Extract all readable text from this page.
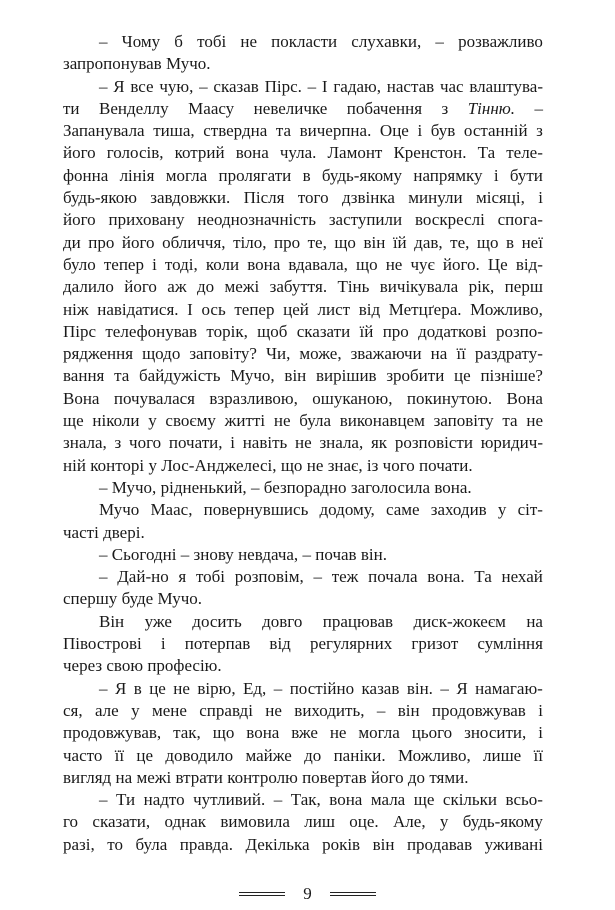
– Чому б тобі не покласти слухавки, – розважливо
запропонував Мучо.
– Я все чую, – сказав Пірс. – І гадаю, настав час влаштува-
ти Венделлу Маасу невеличке побачення з Тінню. –
Запанувала тиша, ствердна та вичерпна. Оце і був останній з
його голосів, котрий вона чула. Ламонт Кренстон. Та теле-
фонна лінія могла пролягати в будь-якому напрямку і бути
будь-якою завдовжки. Після того дзвінка минули місяці, і
його приховану неоднозначність заступили воскреслі спога-
ди про його обличчя, тіло, про те, що він їй дав, те, що в неї
було тепер і тоді, коли вона вдавала, що не чує його. Це від-
далило його аж до межі забуття. Тінь вичікувала рік, перш
ніж навідатися. І ось тепер цей лист від Метцґера. Можливо,
Пірс телефонував торік, щоб сказати їй про додаткові розпо-
рядження щодо заповіту? Чи, може, зважаючи на її раздрату-
вання та байдужість Мучо, він вирішив зробити це пізніше?
Вона почувалася взразливою, ошуканою, покинутою. Вона
ще ніколи у своєму житті не була виконавцем заповіту та не
знала, з чого почати, і навіть не знала, як розповісти юридич-
ній конторі у Лос-Анджелесі, що не знає, із чого почати.
– Мучо, рідненький, – безпорадно заголосила вона.
Мучо Маас, повернувшись додому, саме заходив у сіт-
часті двері.
– Сьогодні – знову невдача, – почав він.
– Дай-но я тобі розповім, – теж почала вона. Та нехай
спершу буде Мучо.
Він уже досить довго працював диск-жокеєм на
Півострові і потерпав від регулярних гризот сумління
через свою професію.
– Я в це не вірю, Ед, – постійно казав він. – Я намагаю-
ся, але у мене справді не виходить, – він продовжував і
продовжував, так, що вона вже не могла цього зносити, і
часто її це доводило майже до паніки. Можливо, лише її
вигляд на межі втрати контролю повертав його до тями.
– Ти надто чутливий. – Так, вона мала ще скільки всьо-
го сказати, однак вимовила лиш оце. Але, у будь-якому
разі, то була правда. Декілька років він продавав уживані
9
